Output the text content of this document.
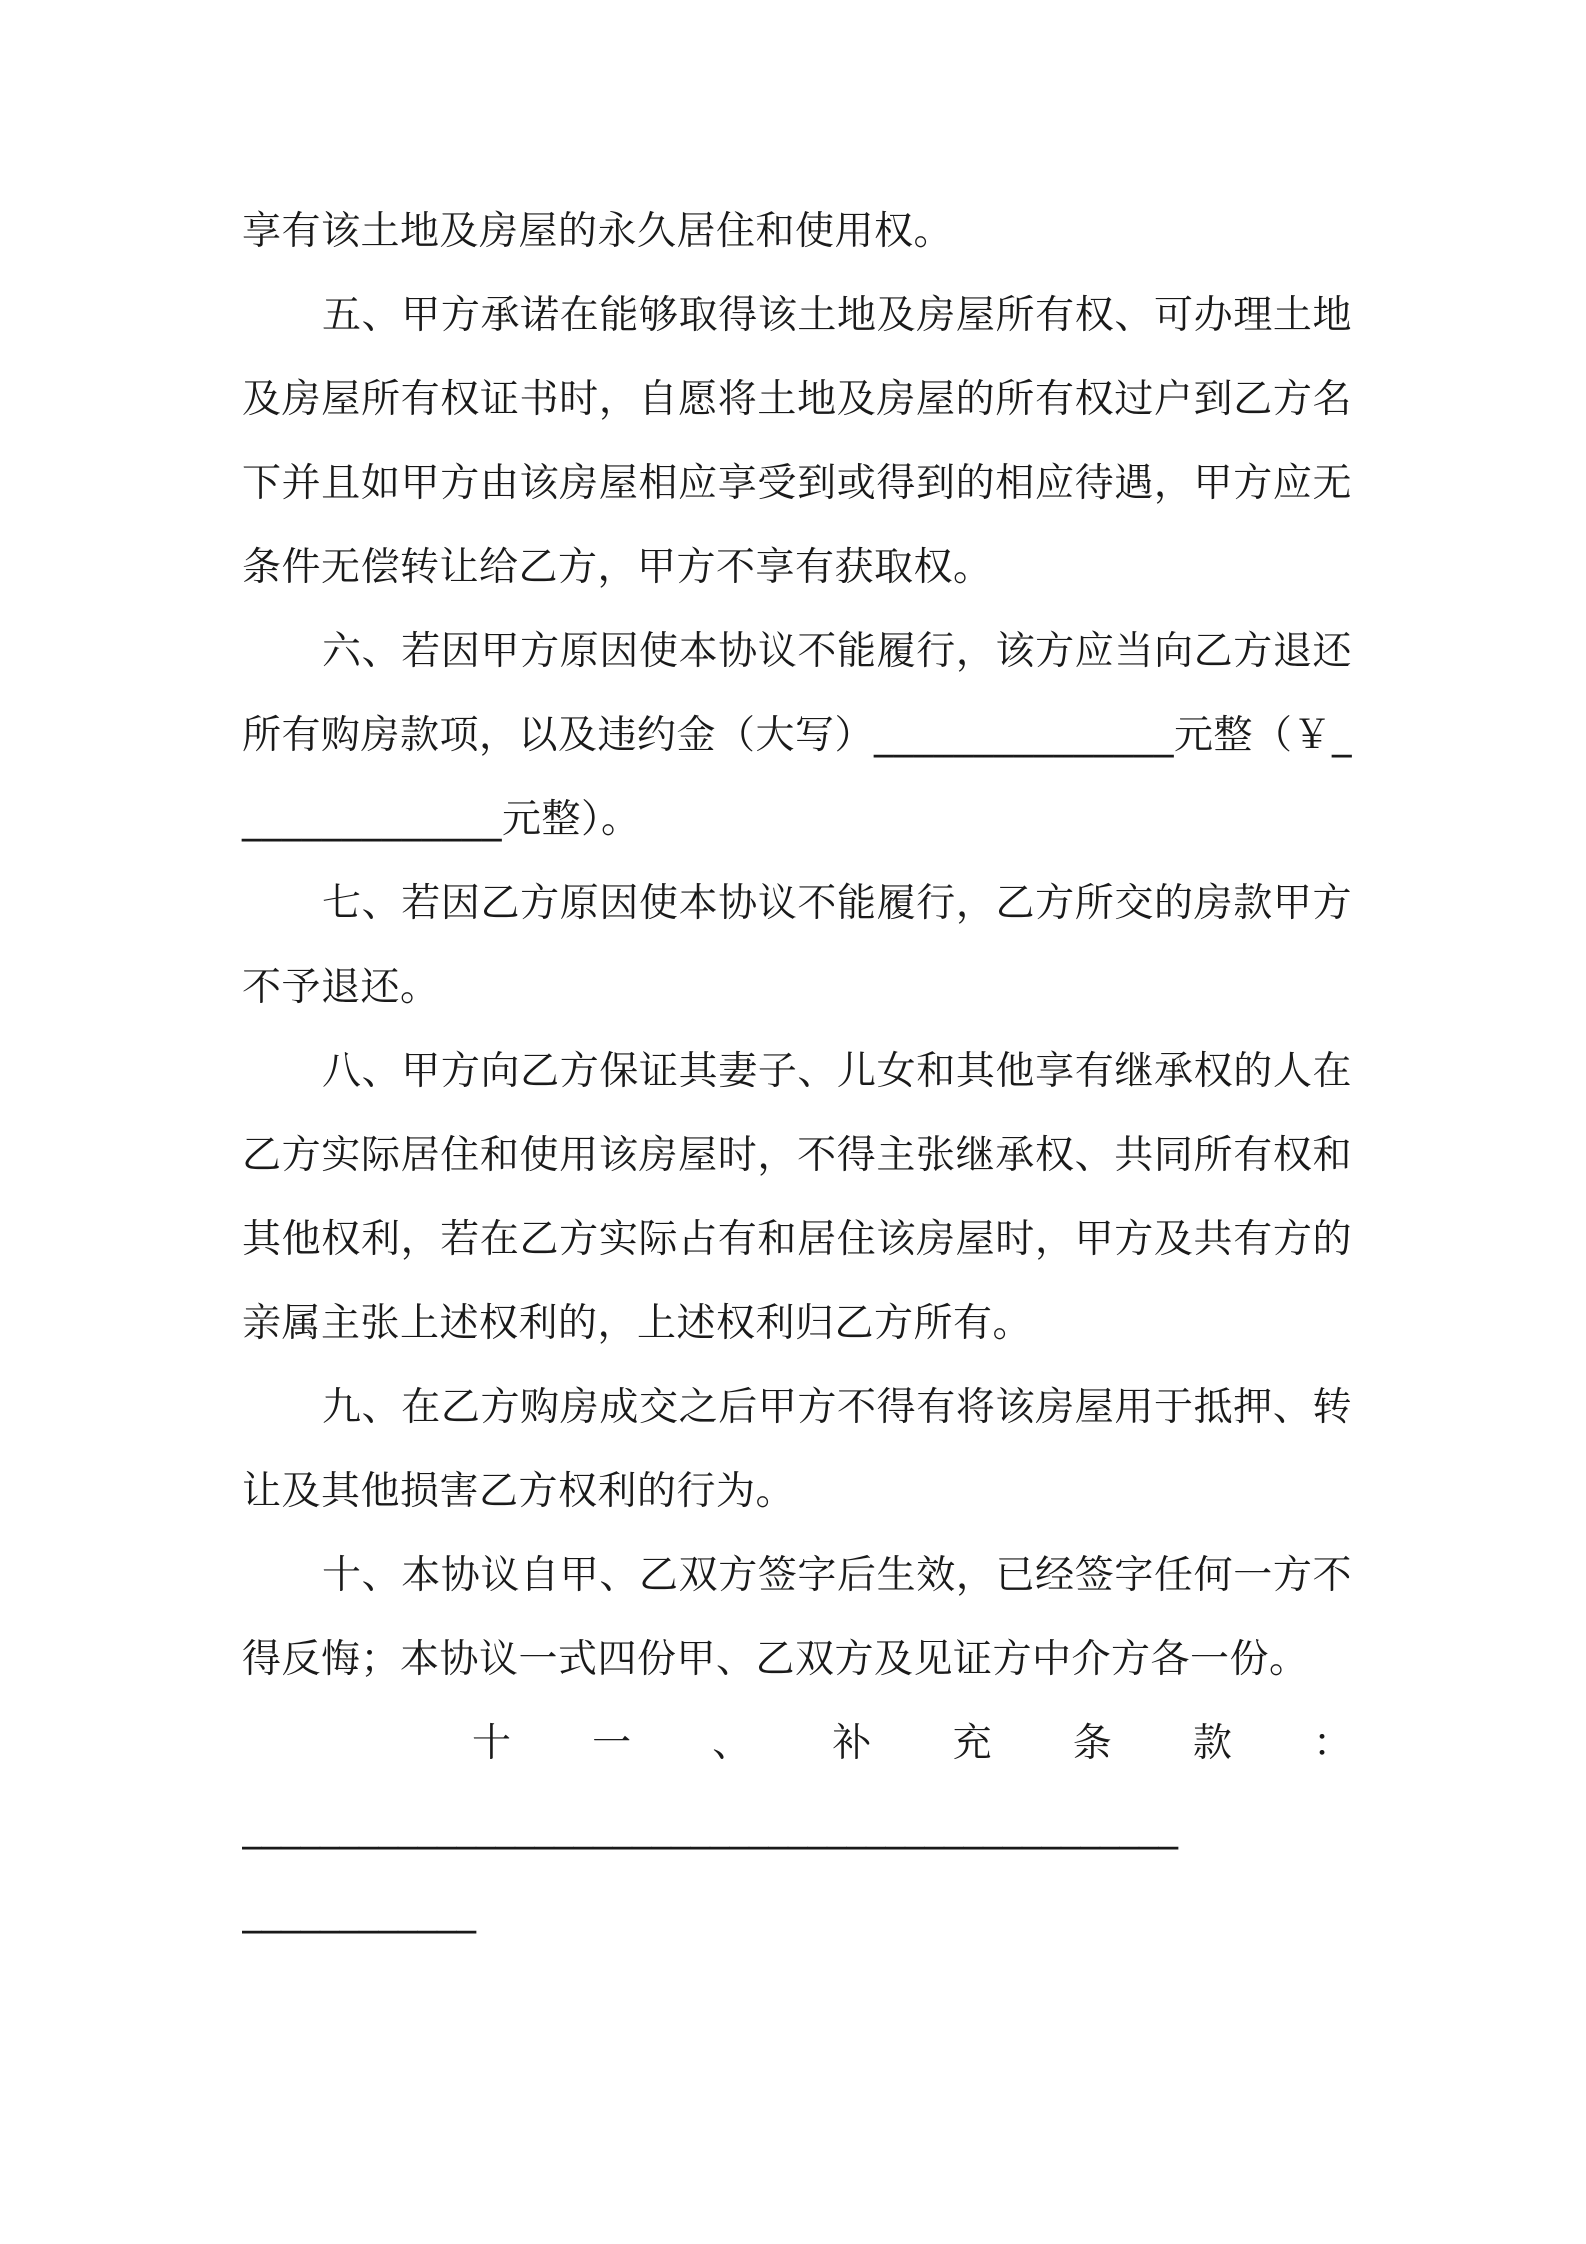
享有该土地及房屋的永久居住和使用权。

五、甲方承诺在能够取得该土地及房屋所有权、可办理土地及房屋所有权证书时，自愿将土地及房屋的所有权过户到乙方名下并且如甲方由该房屋相应享受到或得到的相应待遇，甲方应无条件无偿转让给乙方，甲方不享有获取权。

六、若因甲方原因使本协议不能履行，该方应当向乙方退还所有购房款项，以及违约金（大写）_______________元整（￥______________元整）。

七、若因乙方原因使本协议不能履行，乙方所交的房款甲方不予退还。

八、甲方向乙方保证其妻子、儿女和其他享有继承权的人在乙方实际居住和使用该房屋时，不得主张继承权、共同所有权和其他权利，若在乙方实际占有和居住该房屋时，甲方及共有方的亲属主张上述权利的，上述权利归乙方所有。

九、在乙方购房成交之后甲方不得有将该房屋用于抵押、转让及其他损害乙方权利的行为。

十、本协议自甲、乙双方签字后生效，已经签字任何一方不得反悔；本协议一式四份甲、乙双方及见证方中介方各一份。

十 一 、 补 充 条 款 ：

________________________________________________

____________
